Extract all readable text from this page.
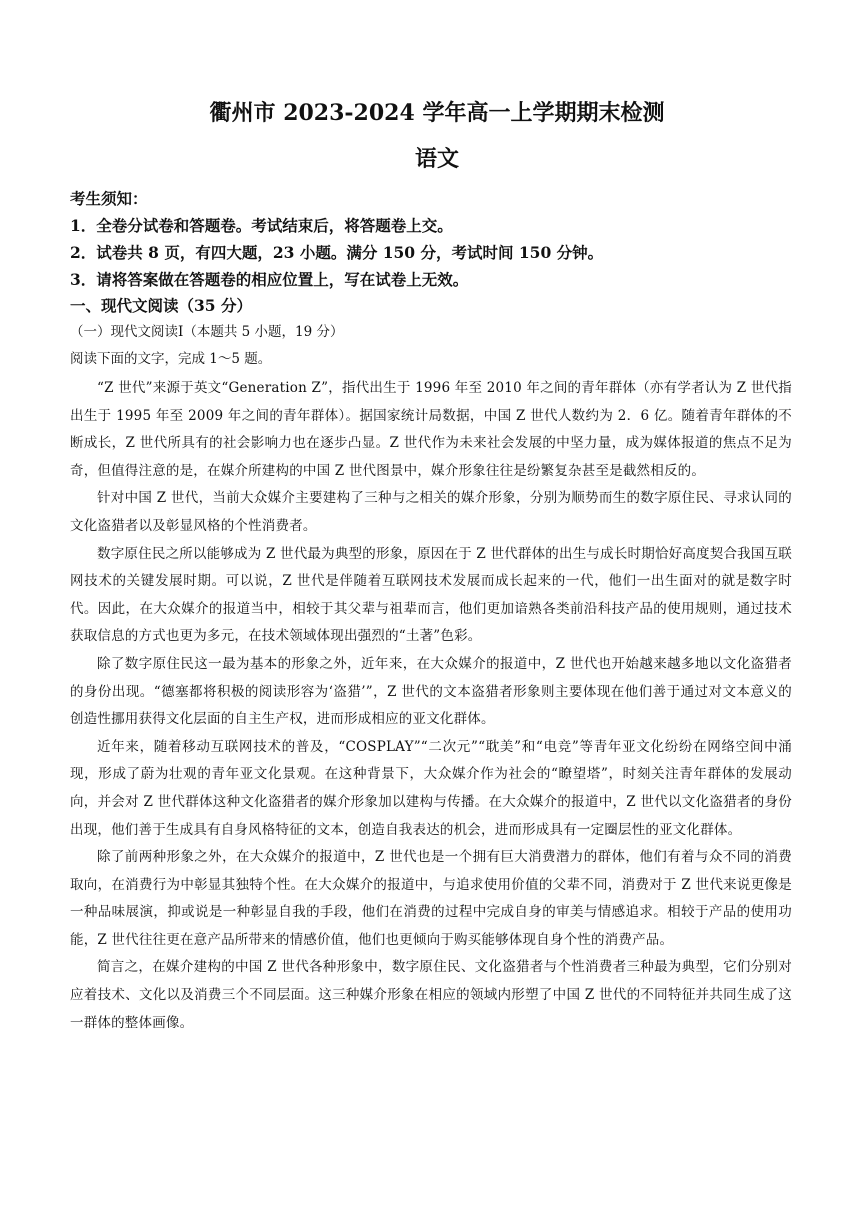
衢州市 2023-2024 学年高一上学期期末检测
语文

考生须知：

1．全卷分试卷和答题卷。考试结束后，将答题卷上交。

2．试卷共 8 页，有四大题，23 小题。满分 150 分，考试时间 150 分钟。

3．请将答案做在答题卷的相应位置上，写在试卷上无效。

一、现代文阅读（35 分）

（一）现代文阅读Ⅰ（本题共 5 小题，19 分）

阅读下面的文字，完成 1～5 题。

“Z 世代”来源于英文“Generation Z”，指代出生于 1996 年至 2010 年之间的青年群体（亦有学者认为 Z 世代指出生于 1995 年至 2009 年之间的青年群体）。据国家统计局数据，中国 Z 世代人数约为 2．6 亿。随着青年群体的不断成长，Z 世代所具有的社会影响力也在逐步凸显。Z 世代作为未来社会发展的中坚力量，成为媒体报道的焦点不足为奇，但值得注意的是，在媒介所建构的中国 Z 世代图景中，媒介形象往往是纷繁复杂甚至是截然相反的。

针对中国 Z 世代，当前大众媒介主要建构了三种与之相关的媒介形象，分别为顺势而生的数字原住民、寻求认同的文化盗猎者以及彰显风格的个性消费者。

数字原住民之所以能够成为 Z 世代最为典型的形象，原因在于 Z 世代群体的出生与成长时期恰好高度契合我国互联网技术的关键发展时期。可以说，Z 世代是伴随着互联网技术发展而成长起来的一代，他们一出生面对的就是数字时代。因此，在大众媒介的报道当中，相较于其父辈与祖辈而言，他们更加谙熟各类前沿科技产品的使用规则，通过技术获取信息的方式也更为多元，在技术领域体现出强烈的“土著”色彩。

除了数字原住民这一最为基本的形象之外，近年来，在大众媒介的报道中，Z 世代也开始越来越多地以文化盗猎者的身份出现。“德塞都将积极的阅读形容为‘盗猎’”，Z 世代的文本盗猎者形象则主要体现在他们善于通过对文本意义的创造性挪用获得文化层面的自主生产权，进而形成相应的亚文化群体。

近年来，随着移动互联网技术的普及，“COSPLAY”“二次元”“耽美”和“电竞”等青年亚文化纷纷在网络空间中涌现，形成了蔚为壮观的青年亚文化景观。在这种背景下，大众媒介作为社会的“瞭望塔”，时刻关注青年群体的发展动向，并会对 Z 世代群体这种文化盗猎者的媒介形象加以建构与传播。在大众媒介的报道中，Z 世代以文化盗猎者的身份出现，他们善于生成具有自身风格特征的文本，创造自我表达的机会，进而形成具有一定圈层性的亚文化群体。

除了前两种形象之外，在大众媒介的报道中，Z 世代也是一个拥有巨大消费潜力的群体，他们有着与众不同的消费取向，在消费行为中彰显其独特个性。在大众媒介的报道中，与追求使用价值的父辈不同，消费对于 Z 世代来说更像是一种品味展演，抑或说是一种彰显自我的手段，他们在消费的过程中完成自身的审美与情感追求。相较于产品的使用功能，Z 世代往往更在意产品所带来的情感价值，他们也更倾向于购买能够体现自身个性的消费产品。

简言之，在媒介建构的中国 Z 世代各种形象中，数字原住民、文化盗猎者与个性消费者三种最为典型，它们分别对应着技术、文化以及消费三个不同层面。这三种媒介形象在相应的领域内形塑了中国 Z 世代的不同特征并共同生成了这一群体的整体画像。
